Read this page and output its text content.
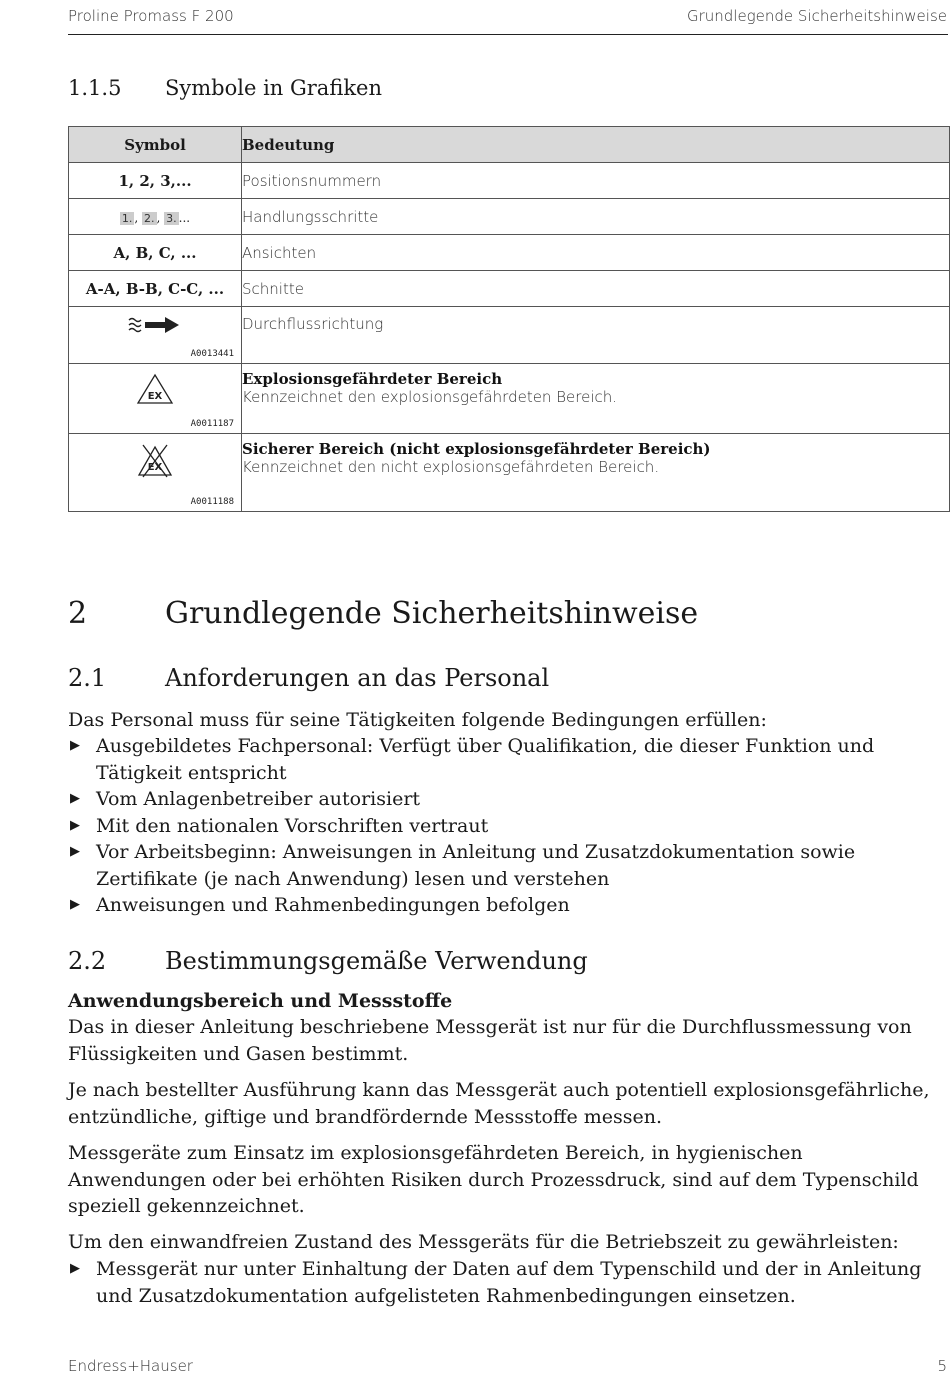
Proline Promass F 200	Grundlegende Sicherheitshinweise
1.1.5 Symbole in Grafiken
Symbol	Bedeutung
1, 2, 3,...	Positionsnummern
1. , 2. , 3. ...	Handlungsschritte
A, B, C, ...	Ansichten
A-A, B-B, C-C, ...	Schnitte

A0013441	Durchflussrichtung

EX
A0011187	Explosionsgefährdeter Bereich
Kennzeichnet den explosionsgefährdeten Bereich.

EX
A0011188	Sicherer Bereich (nicht explosionsgefährdeter Bereich)
Kennzeichnet den nicht explosionsgefährdeten Bereich.
2	Grundlegende Sicherheitshinweise
2.1 Anforderungen an das Personal

Das Personal muss für seine Tätigkeiten folgende Bedingungen erfüllen:

▶ Ausgebildetes Fachpersonal: Verfügt über Qualifikation, die dieser Funktion und Tätigkeit entspricht
▶ Vom Anlagenbetreiber autorisiert
▶ Mit den nationalen Vorschriften vertraut
▶ Vor Arbeitsbeginn: Anweisungen in Anleitung und Zusatzdokumentation sowie Zertifikate (je nach Anwendung) lesen und verstehen
▶ Anweisungen und Rahmenbedingungen befolgen
2.2 Bestimmungsgemäße Verwendung

Anwendungsbereich und Messstoffe

Das in dieser Anleitung beschriebene Messgerät ist nur für die Durchflussmessung von Flüssigkeiten und Gasen bestimmt.

Je nach bestellter Ausführung kann das Messgerät auch potentiell explosionsgefährliche, entzündliche, giftige und brandfördernde Messstoffe messen.

Messgeräte zum Einsatz im explosionsgefährdeten Bereich, in hygienischen Anwendungen oder bei erhöhten Risiken durch Prozessdruck, sind auf dem Typenschild speziell gekennzeichnet.

Um den einwandfreien Zustand des Messgeräts für die Betriebszeit zu gewährleisten:

▶ Messgerät nur unter Einhaltung der Daten auf dem Typenschild und der in Anleitung und Zusatzdokumentation aufgelisteten Rahmenbedingungen einsetzen.
Endress+Hauser	5
